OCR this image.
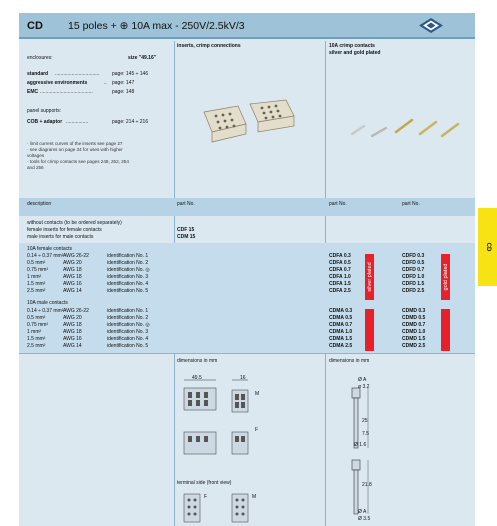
CD 15 poles + ⊕ 10A max - 250V/2.5kV/3
enclosures:	size "49.16"
standard ................................	page: 145 ÷ 146
aggressive environments	.. page: 147
EMC ......................................	page: 148
panel supports:
COB + adaptor ................	page: 214 ÷ 216
· limit current curves of the inserts see page 27
· see diagrams on page 34 for uses with higher
voltages
· tools for crimp contacts see pages 248, 252, 254
and 256
inserts, crimp connections	10A crimp contacts
silver and gold plated
description	part No.	part No.	part No.
without contacts (to be ordered separately)
female inserts for female contacts	CDF 15
male inserts for male contacts	CDM 15
10A female contacts
0.14 ÷ 0.37 mm² AWG 26-22	identification No. 1	CDFA 0.3	CDFD 0.3
0.5 mm²	AWG 20	identification No. 2	CDFA 0.5	CDFD 0.5
0.75 mm²	AWG 18	identification No. ◎	CDFA 0.7	CDFD 0.7
1 mm²	AWG 18	identification No. 3	CDFA 1.0	CDFD 1.0
1.5 mm²	AWG 16	identification No. 4	CDFA 1.5	CDFD 1.5
2.5 mm²	AWG 14	identification No. 5	CDFA 2.5	CDFD 2.5
10A male contacts
0.14 ÷ 0.37 mm² AWG 26-22	identification No. 1	CDMA 0.3	CDMD 0.3
0.5 mm²	AWG 20	identification No. 2	CDMA 0.5	CDMD 0.5
0.75 mm²	AWG 18	identification No. ◎	CDMA 0.7	CDMD 0.7
1 mm²	AWG 18	identification No. 3	CDMA 1.0	CDMD 1.0
1.5 mm²	AWG 16	identification No. 4	CDMA 1.5	CDMD 1.5
2.5 mm²	AWG 14	identification No. 5	CDMA 2.5	CDMD 2.5
silver plated	gold plated
dimensions in mm	dimensions in mm
49.5	16
M
F
terminal side (front view)
F	M
Ø A
ø 3.2
25
7.5
Ø 1.6
21.8
Ø A
Ø 3.5
CD
